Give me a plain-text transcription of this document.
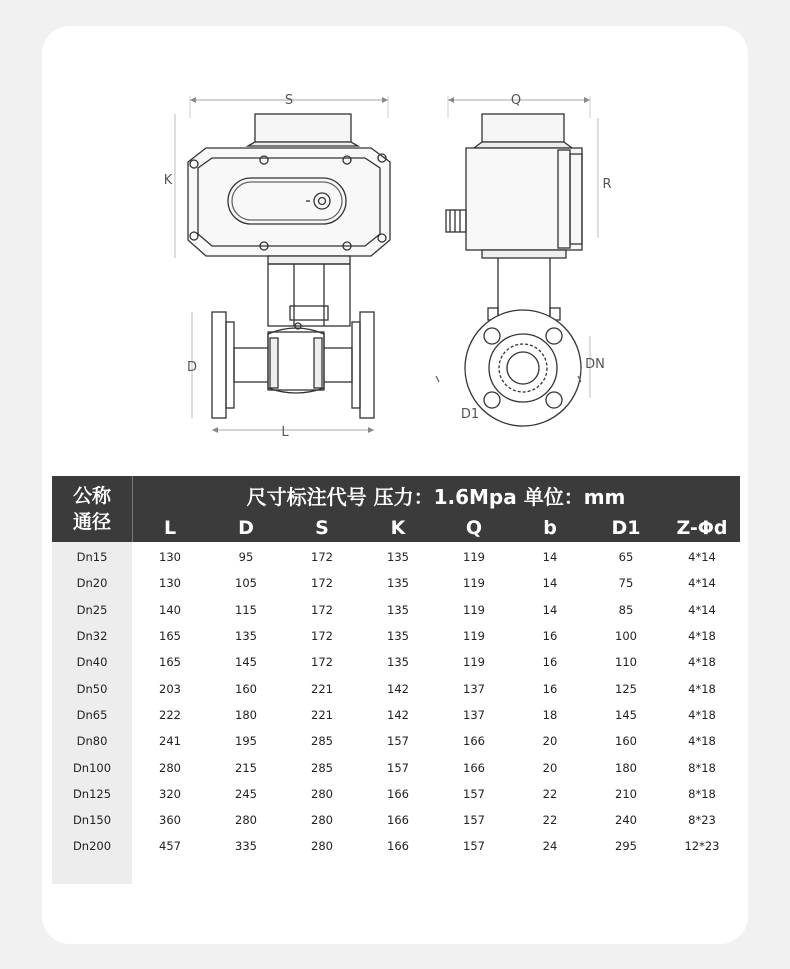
S
K
D
L
Q
R
DN
D1
公称
通径
尺寸标注代号 压力：1.6Mpa 单位：mm
L	D	S	K	Q	b	D1	Z-Φd
Dn15	130	95	172	135	119	14	65	4*14
Dn20	130	105	172	135	119	14	75	4*14
Dn25	140	115	172	135	119	14	85	4*14
Dn32	165	135	172	135	119	16	100	4*18
Dn40	165	145	172	135	119	16	110	4*18
Dn50	203	160	221	142	137	16	125	4*18
Dn65	222	180	221	142	137	18	145	4*18
Dn80	241	195	285	157	166	20	160	4*18
Dn100	280	215	285	157	166	20	180	8*18
Dn125	320	245	280	166	157	22	210	8*18
Dn150	360	280	280	166	157	22	240	8*23
Dn200	457	335	280	166	157	24	295	12*23
